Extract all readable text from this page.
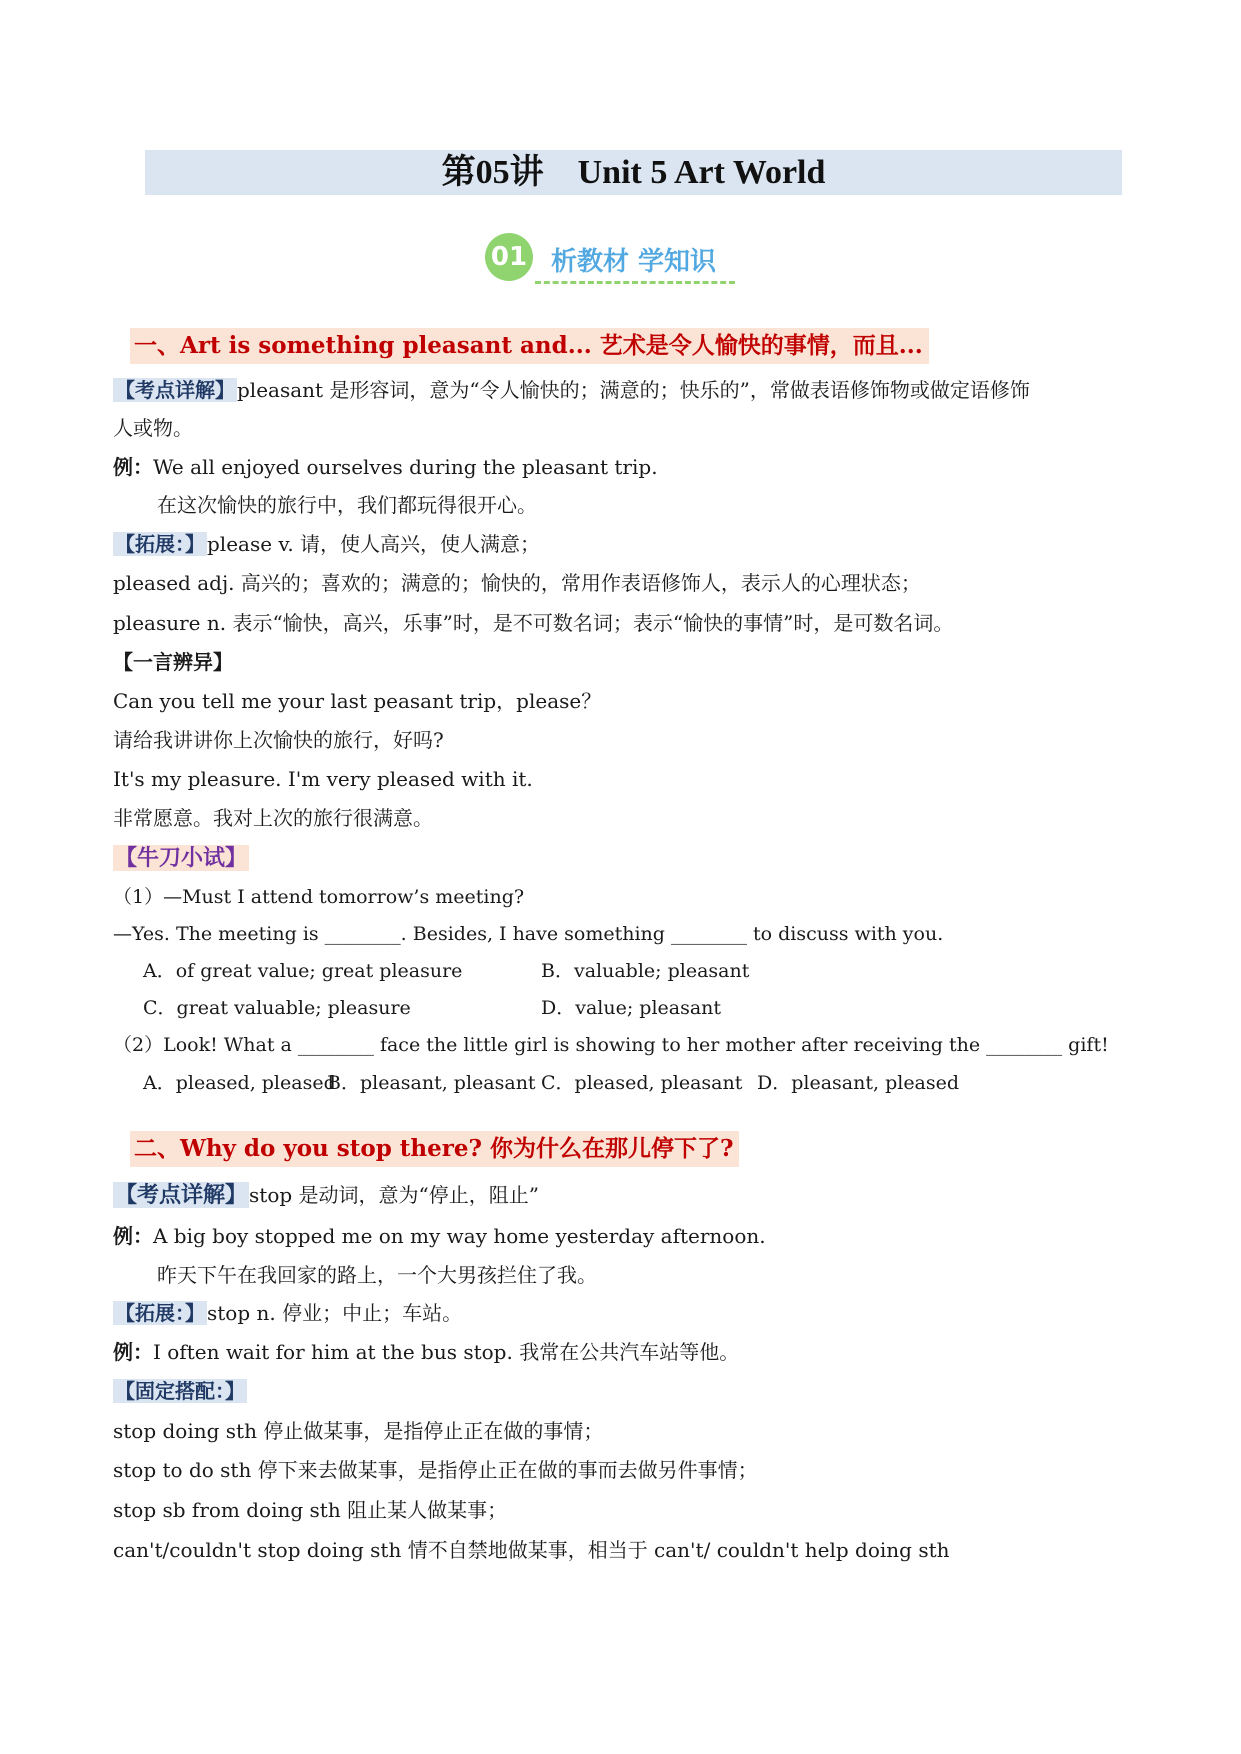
第05讲　Unit 5 Art World
01 析教材 学知识
一、Art is something pleasant and... 艺术是令人愉快的事情，而且...
【考点详解】 pleasant 是形容词，意为“令人愉快的；满意的；快乐的”，常做表语修饰物或做定语修饰
人或物。
例：We all enjoyed ourselves during the pleasant trip.
在这次愉快的旅行中，我们都玩得很开心。
【拓展：】 please v. 请，使人高兴，使人满意；
pleased adj. 高兴的；喜欢的；满意的；愉快的，常用作表语修饰人，表示人的心理状态；
pleasure n. 表示“愉快，高兴，乐事”时，是不可数名词；表示“愉快的事情”时，是可数名词。
【一言辨异】
Can you tell me your last peasant trip，please？
请给我讲讲你上次愉快的旅行，好吗?
It's my pleasure. I'm very pleased with it.
非常愿意。我对上次的旅行很满意。
【牛刀小试】
（1）—Must I attend tomorrow’s meeting?
—Yes. The meeting is ________. Besides, I have something ________ to discuss with you.
A．of great value; great pleasure	B．valuable; pleasant
C．great valuable; pleasure	D．value; pleasant
（2）Look! What a ________ face the little girl is showing to her mother after receiving the ________ gift!
A．pleased, pleased
B．pleasant, pleasant C．pleased, pleasant D．pleasant, pleased
二、Why do you stop there? 你为什么在那儿停下了?
【考点详解】 stop 是动词，意为“停止，阻止”
例：A big boy stopped me on my way home yesterday afternoon.
昨天下午在我回家的路上，一个大男孩拦住了我。
【拓展：】 stop n. 停业；中止；车站。
例：I often wait for him at the bus stop. 我常在公共汽车站等他。
【固定搭配：】
stop doing sth 停止做某事，是指停止正在做的事情；
stop to do sth 停下来去做某事，是指停止正在做的事而去做另件事情；
stop sb from doing sth 阻止某人做某事；
can't/couldn't stop doing sth 情不自禁地做某事，相当于 can't/ couldn't help doing sth
